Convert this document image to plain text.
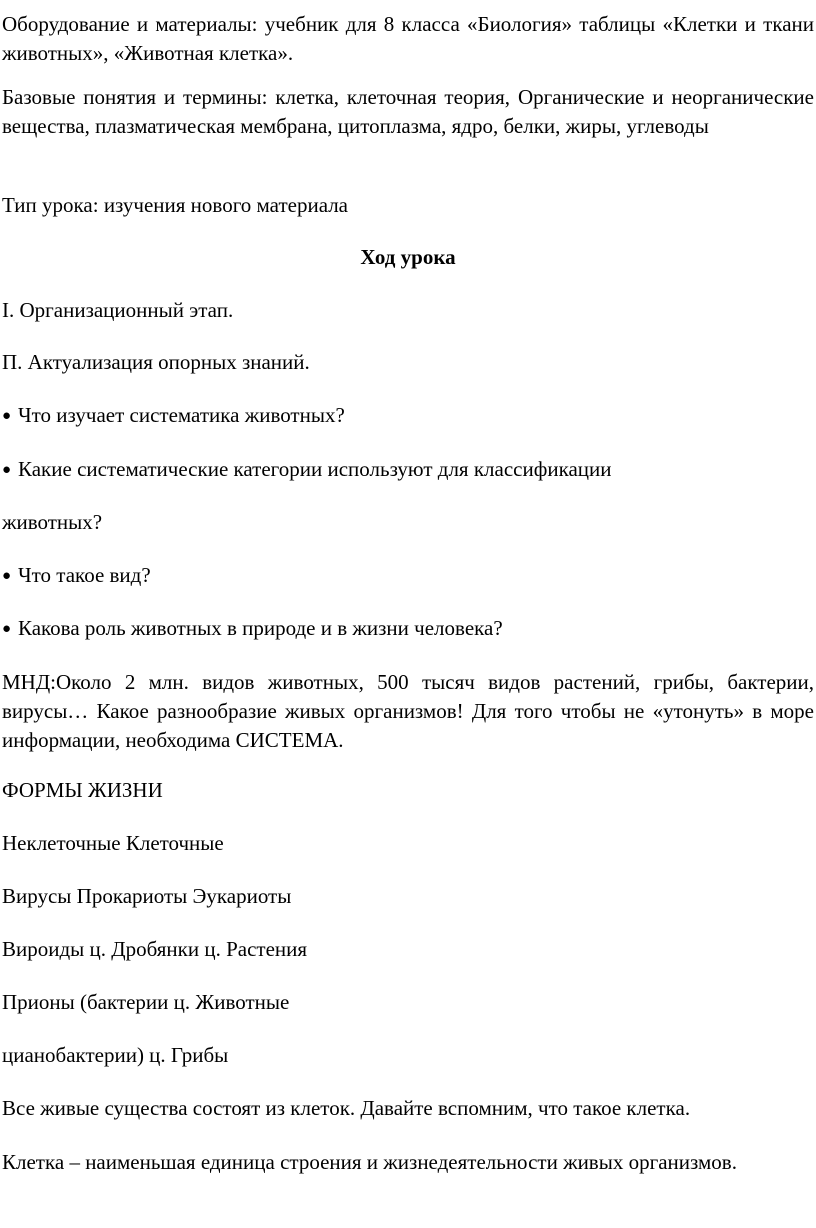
Оборудование и материалы: учебник для 8 класса «Биология» таблицы «Клетки и ткани животных», «Животная клетка».

Базовые понятия и термины: клетка, клеточная теория, Органические и неорганические вещества, плазматическая мембрана, цитоплазма, ядро, белки, жиры, углеводы

Тип урока: изучения нового материала

Ход урока

I. Организационный этап.

П. Актуализация опорных знаний.

● Что изучает систематика животных?

● Какие систематические категории используют для классификации

животных?

● Что такое вид?

● Какова роль животных в природе и в жизни человека?

МНД:Около 2 млн. видов животных, 500 тысяч видов растений, грибы, бактерии, вирусы… Какое разнообразие живых организмов! Для того чтобы не «утонуть» в море информации, необходима СИСТЕМА.

ФОРМЫ ЖИЗНИ

Неклеточные Клеточные

Вирусы Прокариоты Эукариоты

Вироиды ц. Дробянки ц. Растения

Прионы (бактерии ц. Животные

цианобактерии) ц. Грибы

Все живые существа состоят из клеток. Давайте вспомним, что такое клетка.

Клетка – наименьшая единица строения и жизнедеятельности живых организмов.
